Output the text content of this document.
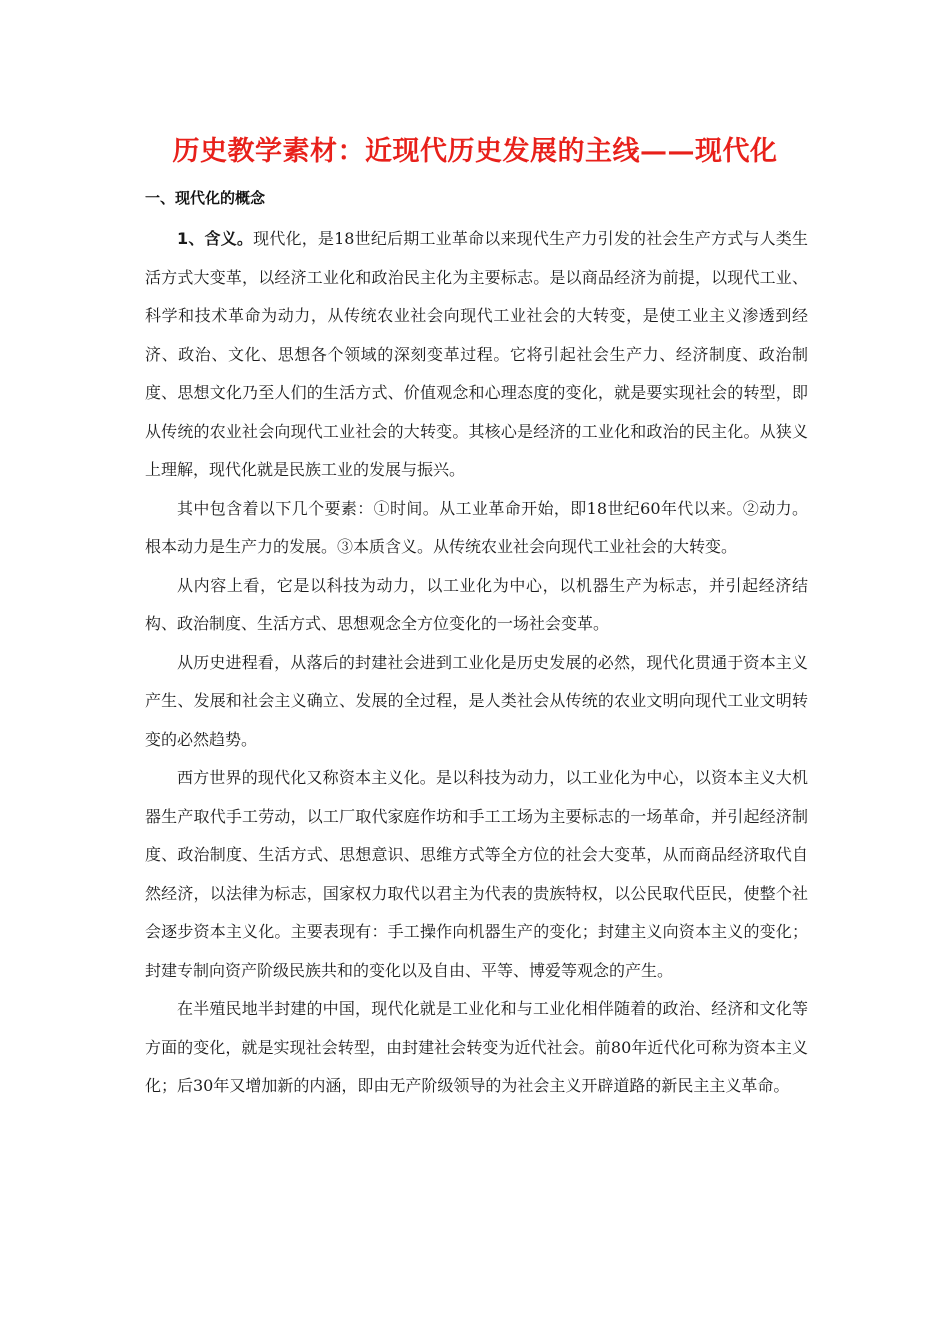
历史教学素材：近现代历史发展的主线——现代化
一、现代化的概念

1、含义。现代化，是18世纪后期工业革命以来现代生产力引发的社会生产方式与人类生活方式大变革，以经济工业化和政治民主化为主要标志。是以商品经济为前提，以现代工业、科学和技术革命为动力，从传统农业社会向现代工业社会的大转变，是使工业主义渗透到经济、政治、文化、思想各个领域的深刻变革过程。它将引起社会生产力、经济制度、政治制度、思想文化乃至人们的生活方式、价值观念和心理态度的变化，就是要实现社会的转型，即从传统的农业社会向现代工业社会的大转变。其核心是经济的工业化和政治的民主化。从狭义上理解，现代化就是民族工业的发展与振兴。

其中包含着以下几个要素：①时间。从工业革命开始，即18世纪60年代以来。②动力。根本动力是生产力的发展。③本质含义。从传统农业社会向现代工业社会的大转变。

从内容上看，它是以科技为动力，以工业化为中心，以机器生产为标志，并引起经济结构、政治制度、生活方式、思想观念全方位变化的一场社会变革。

从历史进程看，从落后的封建社会进到工业化是历史发展的必然，现代化贯通于资本主义产生、发展和社会主义确立、发展的全过程，是人类社会从传统的农业文明向现代工业文明转变的必然趋势。

西方世界的现代化又称资本主义化。是以科技为动力，以工业化为中心，以资本主义大机器生产取代手工劳动，以工厂取代家庭作坊和手工工场为主要标志的一场革命，并引起经济制度、政治制度、生活方式、思想意识、思维方式等全方位的社会大变革，从而商品经济取代自然经济，以法律为标志，国家权力取代以君主为代表的贵族特权，以公民取代臣民，使整个社会逐步资本主义化。主要表现有：手工操作向机器生产的变化；封建主义向资本主义的变化；封建专制向资产阶级民族共和的变化以及自由、平等、博爱等观念的产生。

在半殖民地半封建的中国，现代化就是工业化和与工业化相伴随着的政治、经济和文化等方面的变化，就是实现社会转型，由封建社会转变为近代社会。前80年近代化可称为资本主义化；后30年又增加新的内涵，即由无产阶级领导的为社会主义开辟道路的新民主主义革命。
